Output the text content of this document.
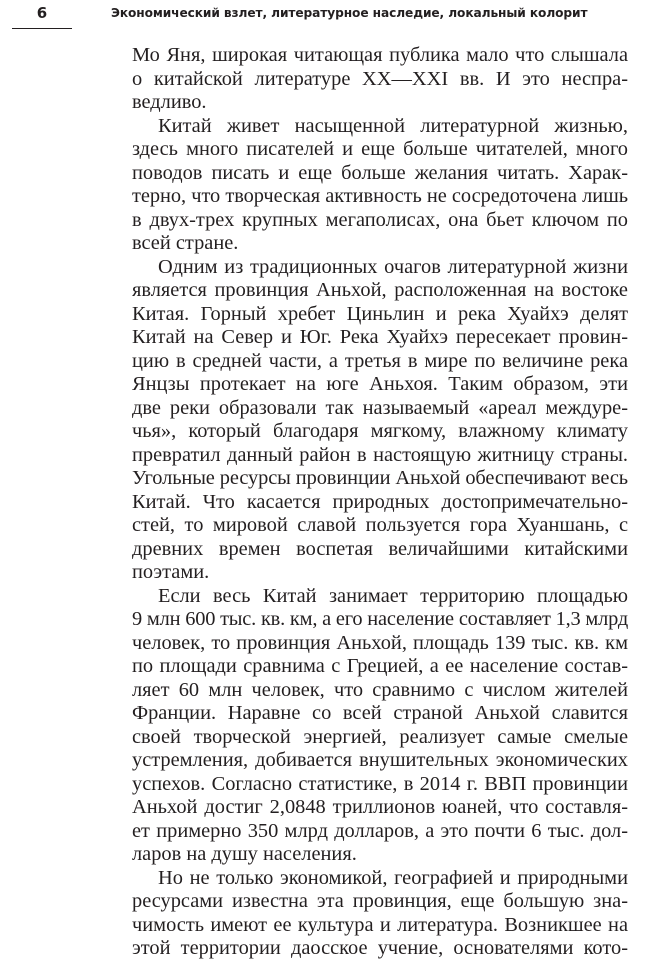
6	Экономический взлет, литературное наследие, локальный колорит
Мо Яня, широкая читающая публика мало что слышала
о китайской литературе XX—XXI вв. И это неспра-
ведливо.
Китай живет насыщенной литературной жизнью,
здесь много писателей и еще больше читателей, много
поводов писать и еще больше желания читать. Харак-
терно, что творческая активность не сосредоточена лишь
в двух-трех крупных мегаполисах, она бьет ключом по
всей стране.
Одним из традиционных очагов литературной жизни
является провинция Аньхой, расположенная на востоке
Китая. Горный хребет Циньлин и река Хуайхэ делят
Китай на Север и Юг. Река Хуайхэ пересекает провин-
цию в средней части, а третья в мире по величине река
Янцзы протекает на юге Аньхоя. Таким образом, эти
две реки образовали так называемый «ареал междуре-
чья», который благодаря мягкому, влажному климату
превратил данный район в настоящую житницу страны.
Угольные ресурсы провинции Аньхой обеспечивают весь
Китай. Что касается природных достопримечательно-
стей, то мировой славой пользуется гора Хуаншань, с
древних времен воспетая величайшими китайскими
поэтами.
Если весь Китай занимает территорию площадью
9 млн 600 тыс. кв. км, а его население составляет 1,3 млрд
человек, то провинция Аньхой, площадь 139 тыс. кв. км
по площади сравнима с Грецией, а ее население состав-
ляет 60 млн человек, что сравнимо с числом жителей
Франции. Наравне со всей страной Аньхой славится
своей творческой энергией, реализует самые смелые
устремления, добивается внушительных экономических
успехов. Согласно статистике, в 2014 г. ВВП провинции
Аньхой достиг 2,0848 триллионов юаней, что составля-
ет примерно 350 млрд долларов, а это почти 6 тыс. дол-
ларов на душу населения.
Но не только экономикой, географией и природными
ресурсами известна эта провинция, еще большую зна-
чимость имеют ее культура и литература. Возникшее на
этой территории даосское учение, основателями кото-
